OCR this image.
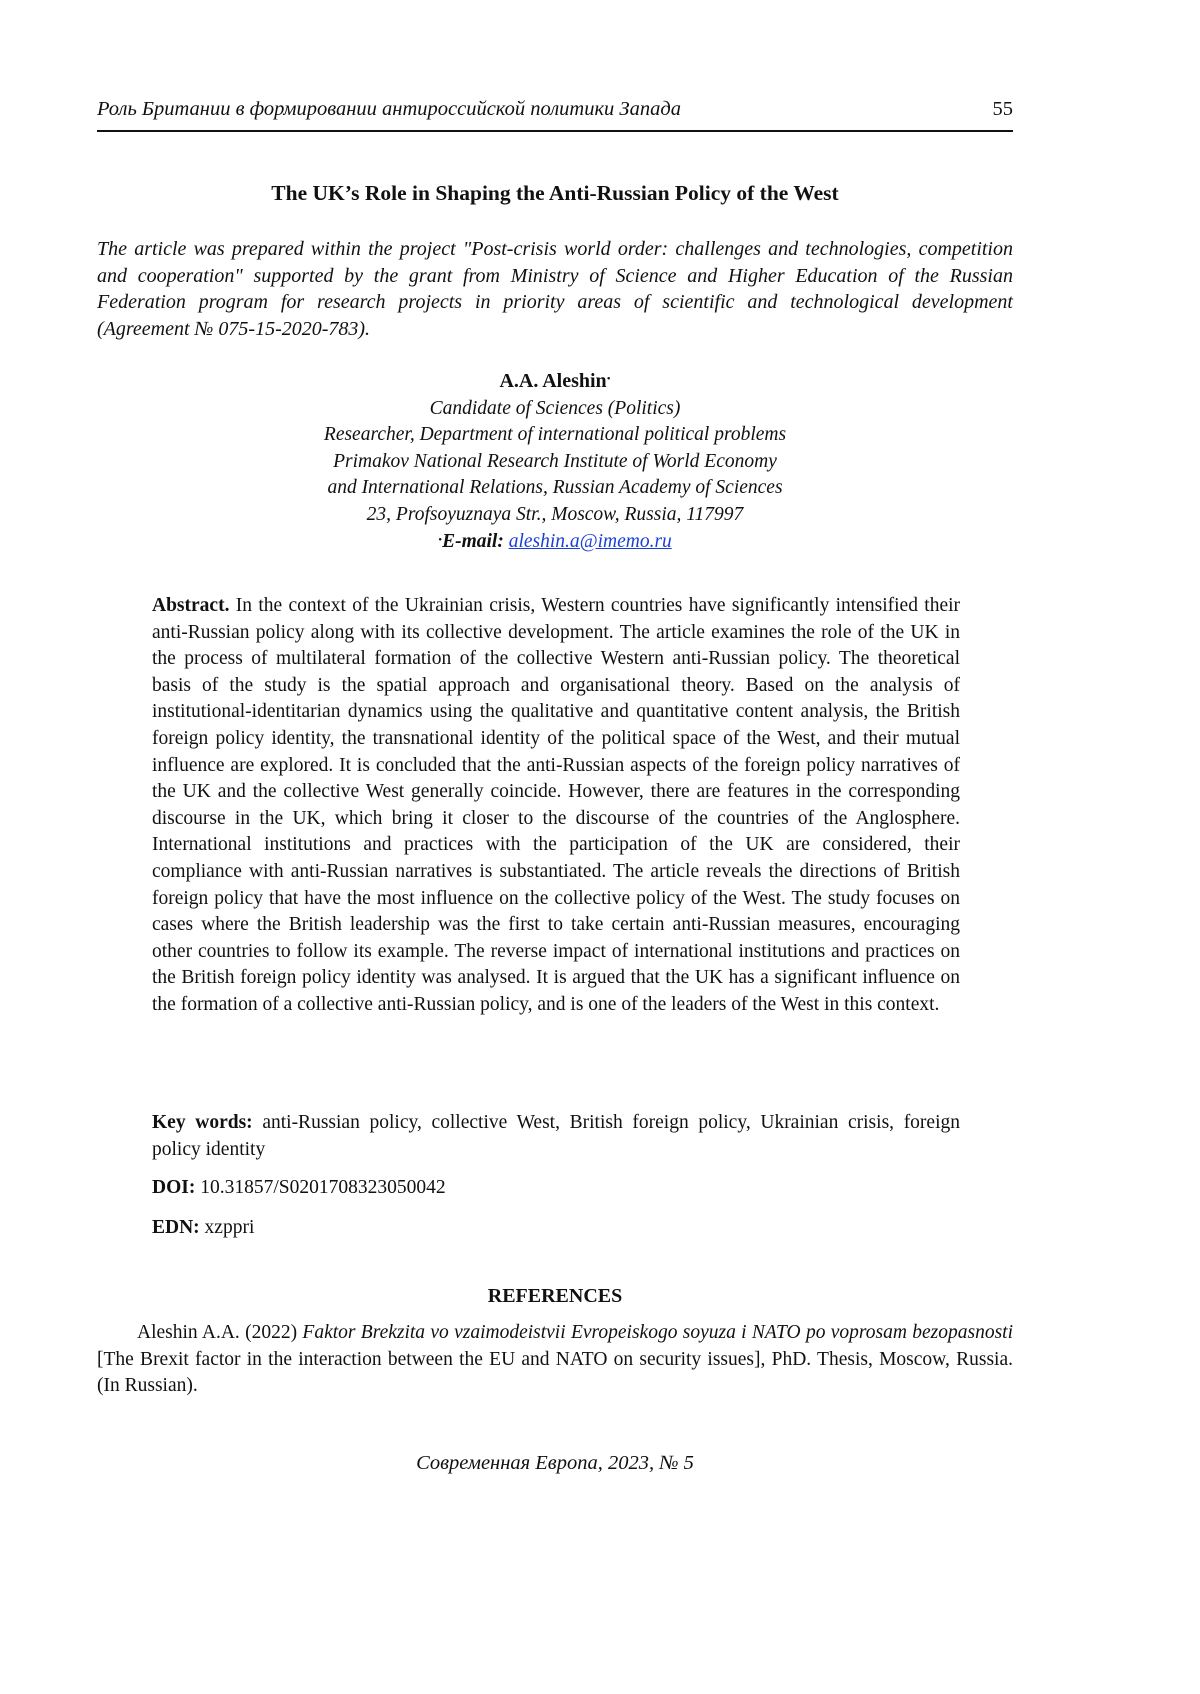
Роль Британии в формировании антироссийской политики Запада	55
The UK’s Role in Shaping the Anti-Russian Policy of the West
The article was prepared within the project "Post-crisis world order: challenges and technologies, competition and cooperation" supported by the grant from Ministry of Science and Higher Education of the Russian Federation program for research projects in priority areas of scientific and technological development (Agreement № 075-15-2020-783).
A.A. Aleshin•
Candidate of Sciences (Politics)
Researcher, Department of international political problems
Primakov National Research Institute of World Economy
and International Relations, Russian Academy of Sciences
23, Profsoyuznaya Str., Moscow, Russia, 117997
•E-mail: aleshin.a@imemo.ru
Abstract. In the context of the Ukrainian crisis, Western countries have significantly intensified their anti-Russian policy along with its collective development. The article examines the role of the UK in the process of multilateral formation of the collective Western anti-Russian policy. The theoretical basis of the study is the spatial approach and organisational theory. Based on the analysis of institutional-identitarian dynamics using the qualitative and quantitative content analysis, the British foreign policy identity, the transnational identity of the political space of the West, and their mutual influence are explored. It is concluded that the anti-Russian aspects of the foreign policy narratives of the UK and the collective West generally coincide. However, there are features in the corresponding discourse in the UK, which bring it closer to the discourse of the countries of the Anglosphere. International institutions and practices with the participation of the UK are considered, their compliance with anti-Russian narratives is substantiated. The article reveals the directions of British foreign policy that have the most influence on the collective policy of the West. The study focuses on cases where the British leadership was the first to take certain anti-Russian measures, encouraging other countries to follow its example. The reverse impact of international institutions and practices on the British foreign policy identity was analysed. It is argued that the UK has a significant influence on the formation of a collective anti-Russian policy, and is one of the leaders of the West in this context.
Key words: anti-Russian policy, collective West, British foreign policy, Ukrainian crisis, foreign policy identity
DOI: 10.31857/S0201708323050042
EDN: xzppri
REFERENCES
Aleshin A.A. (2022) Faktor Brekzita vo vzaimodeistvii Evropeiskogo soyuza i NATO po voprosam bezopasnosti [The Brexit factor in the interaction between the EU and NATO on security issues], PhD. Thesis, Moscow, Russia. (In Russian).
Современная Европа, 2023, № 5
